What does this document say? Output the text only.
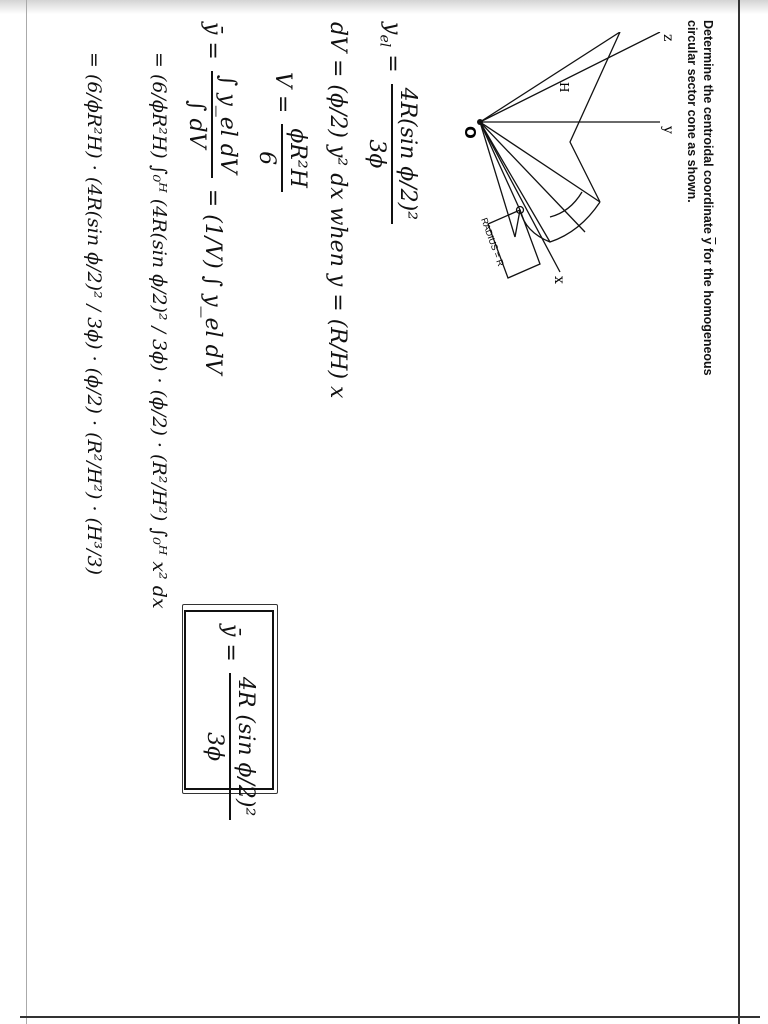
Determine the centroidal coordinate $\overline{y}$ for the homogeneous
circular sector cone as shown.
z
O	y
x
RADIUS = R
H
$y_{el}$ =
4R(sin ϕ/2)²
3ϕ
dV = (ϕ/2) y² dx when y = (R/H) x
V =
ϕR²H
6
ȳ =
∫ y_el dV
∫ dV
= (1/V) ∫ y_el dV
= (6/ϕR²H) ∫₀ᴴ (4R(sin ϕ/2)² / 3ϕ) · (ϕ/2) · (R²/H²) ∫₀ᴴ x² dx
= (6/ϕR²H) · (4R(sin ϕ/2)² / 3ϕ) · (ϕ/2) · (R²/H²) · (H³/3)
ȳ =
4R (sin ϕ/2)²
3ϕ
